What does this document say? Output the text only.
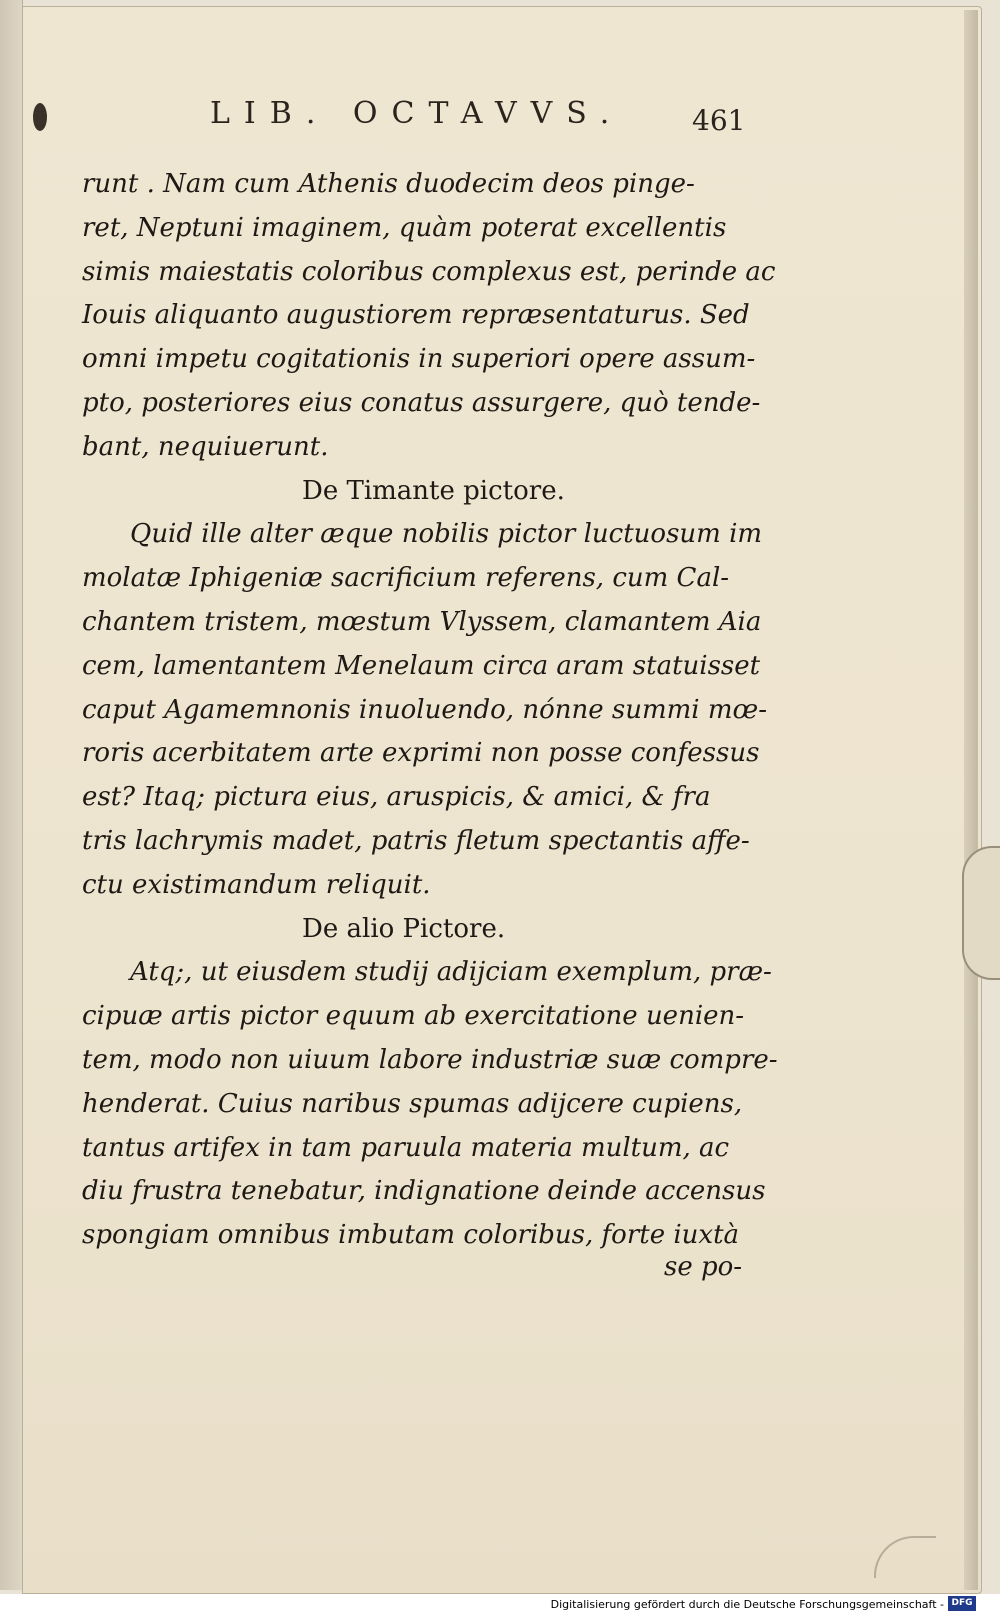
LIB. OCTAVVS. 461
runt . Nam cum Athenis duodecim deos pinge-
ret, Neptuni imaginem, quàm poterat excellentis
simis maiestatis coloribus complexus est, perinde ac
Iouis aliquanto augustiorem repræsentaturus. Sed
omni impetu cogitationis in superiori opere assum-
pto, posteriores eius conatus assurgere, quò tende-
bant, nequiuerunt.
De Timante pictore.
Quid ille alter æque nobilis pictor luctuosum im
molatæ Iphigeniæ sacrificium referens, cum Cal-
chantem tristem, mœstum Vlyssem, clamantem Aia
cem, lamentantem Menelaum circa aram statuisset
caput Agamemnonis inuoluendo, nónne summi mœ-
roris acerbitatem arte exprimi non posse confessus
est? Itaq; pictura eius, aruspicis, & amici, & fra
tris lachrymis madet, patris fletum spectantis affe-
ctu existimandum reliquit.
De alio Pictore.
Atq;, ut eiusdem studij adijciam exemplum, præ-
cipuæ artis pictor equum ab exercitatione uenien-
tem, modo non uiuum labore industriæ suæ compre-
henderat. Cuius naribus spumas adijcere cupiens,
tantus artifex in tam paruula materia multum, ac
diu frustra tenebatur, indignatione deinde accensus
spongiam omnibus imbutam coloribus, forte iuxtà
se po-
Digitalisierung gefördert durch die Deutsche Forschungsgemeinschaft - DFG
